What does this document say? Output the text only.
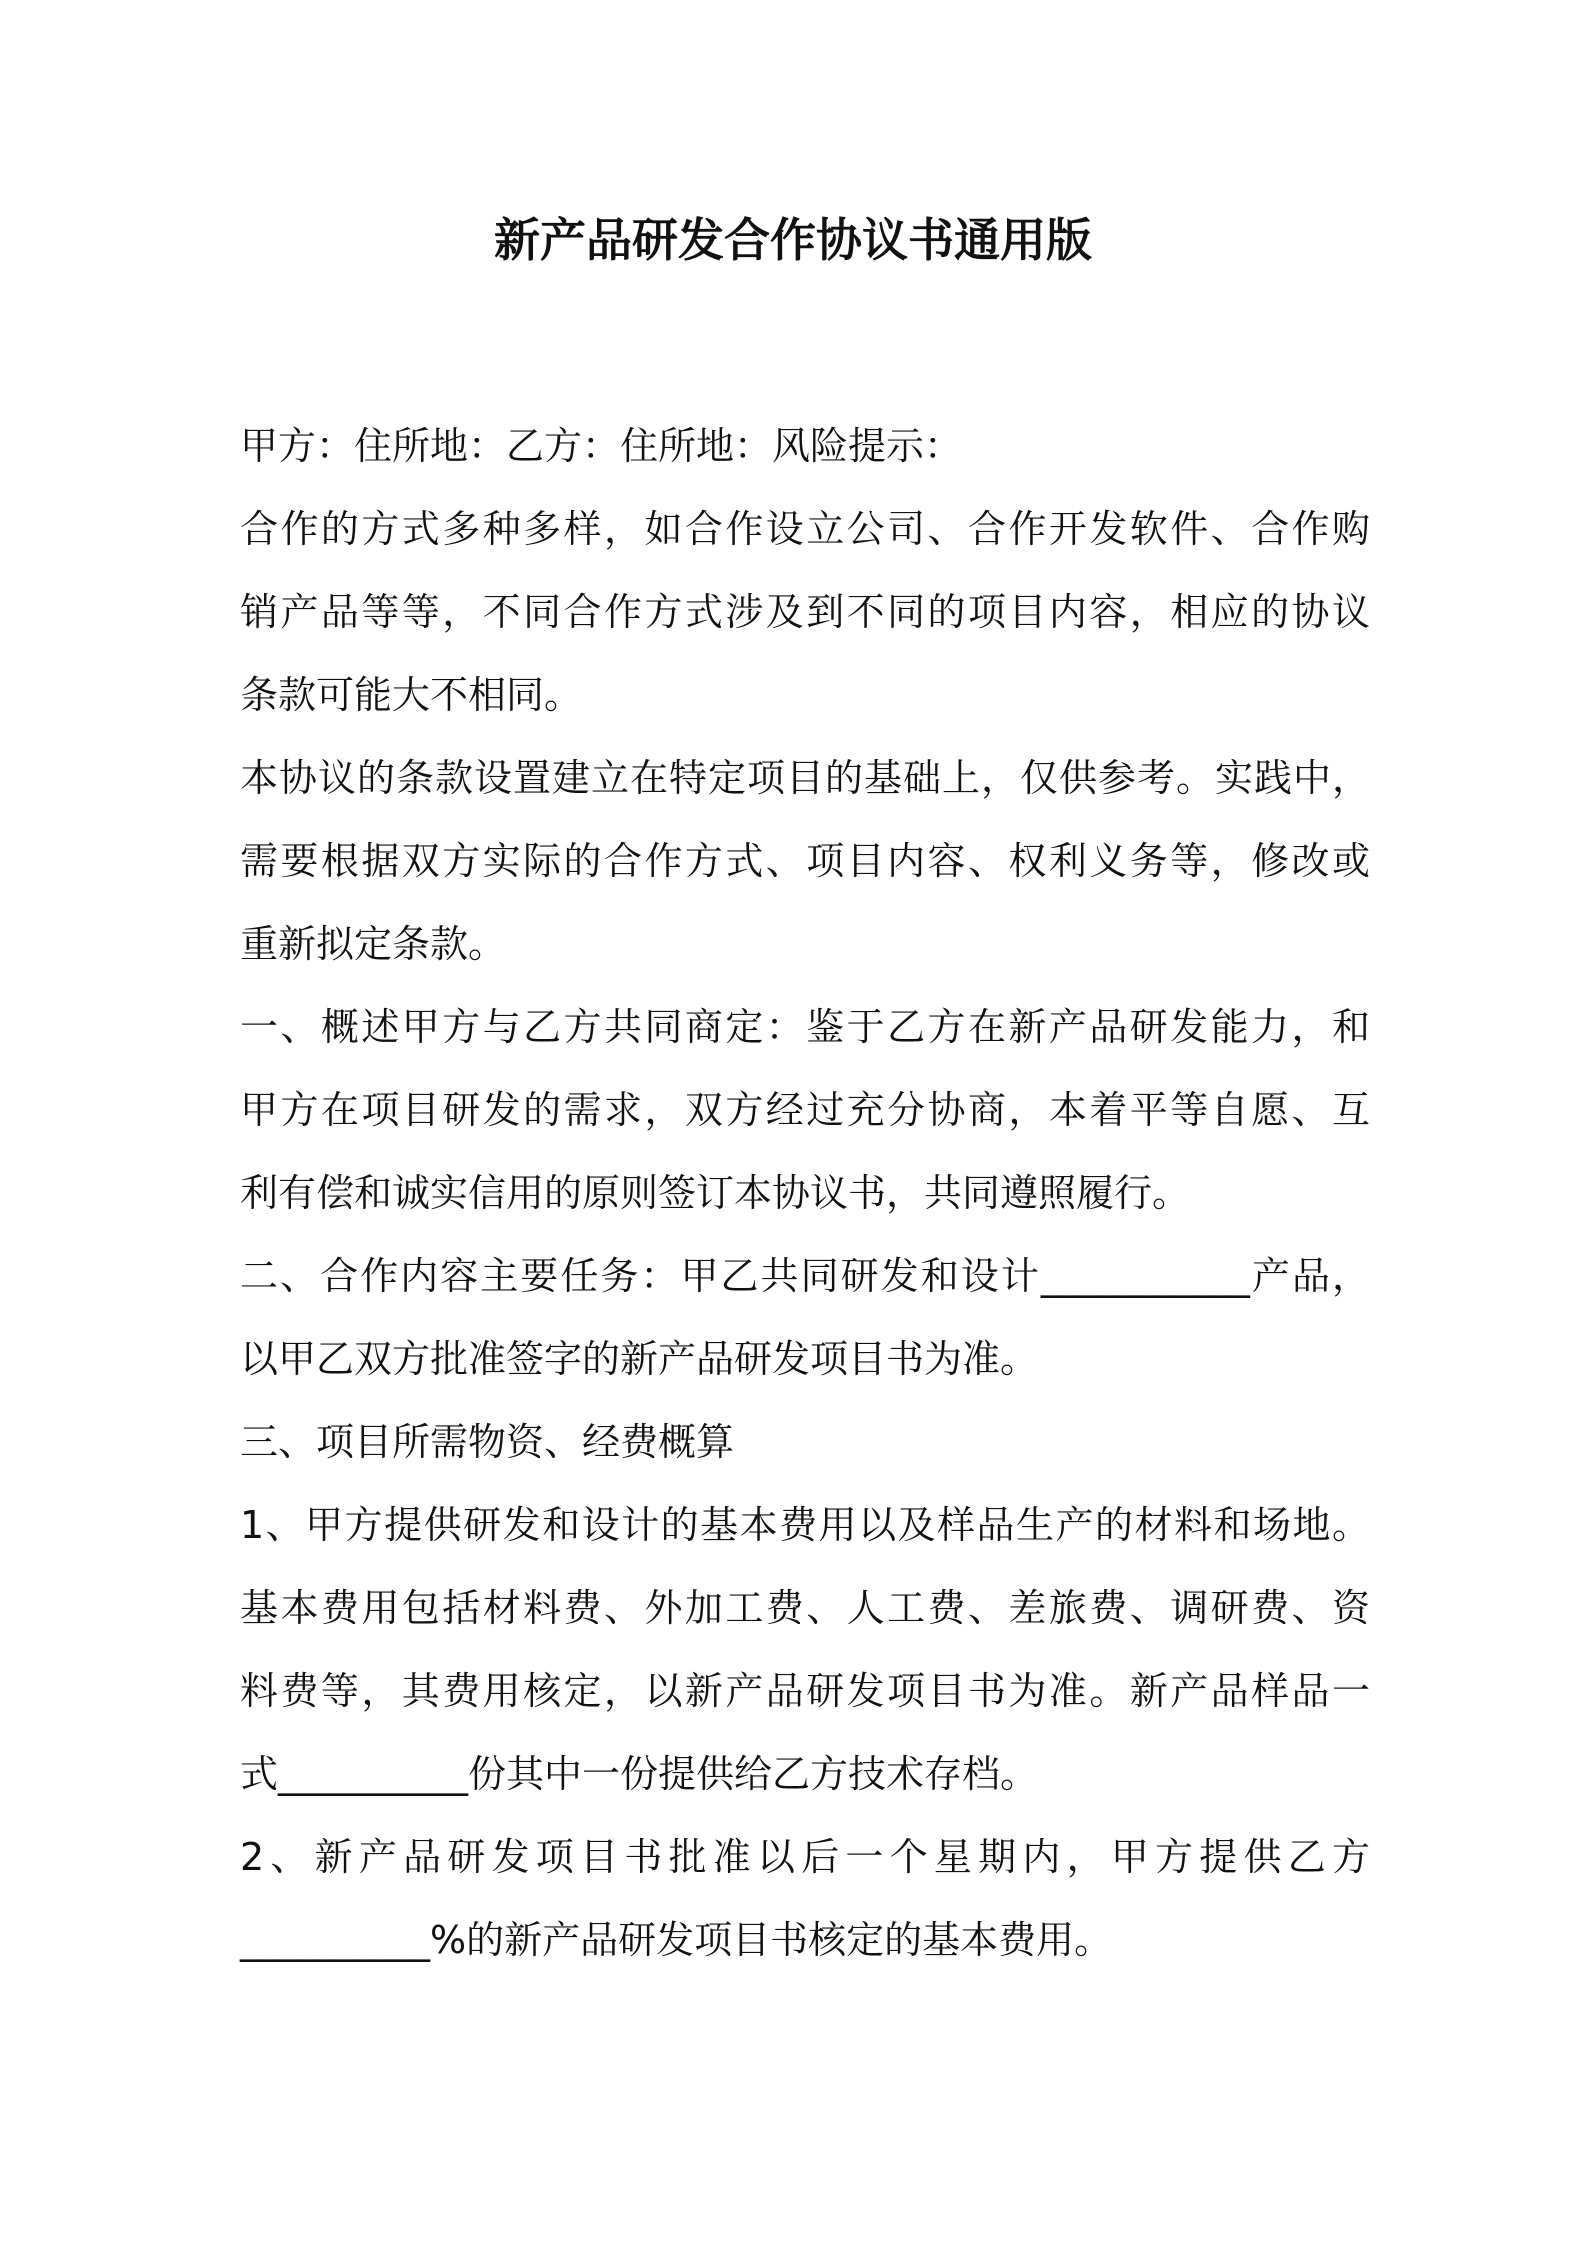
新产品研发合作协议书通用版
甲方：住所地：乙方：住所地：风险提示：
合作的方式多种多样，如合作设立公司、合作开发软件、合作购
销产品等等，不同合作方式涉及到不同的项目内容，相应的协议
条款可能大不相同。
本协议的条款设置建立在特定项目的基础上，仅供参考。实践中，
需要根据双方实际的合作方式、项目内容、权利义务等，修改或
重新拟定条款。
一、概述甲方与乙方共同商定：鉴于乙方在新产品研发能力，和
甲方在项目研发的需求，双方经过充分协商，本着平等自愿、互
利有偿和诚实信用的原则签订本协议书，共同遵照履行。
二、合作内容主要任务：甲乙共同研发和设计___________产品，
以甲乙双方批准签字的新产品研发项目书为准。
三、项目所需物资、经费概算
1、甲方提供研发和设计的基本费用以及样品生产的材料和场地。
基本费用包括材料费、外加工费、人工费、差旅费、调研费、资
料费等，其费用核定，以新产品研发项目书为准。新产品样品一
式__________份其中一份提供给乙方技术存档。
2、新产品研发项目书批准以后一个星期内，甲方提供乙方
__________%的新产品研发项目书核定的基本费用。
